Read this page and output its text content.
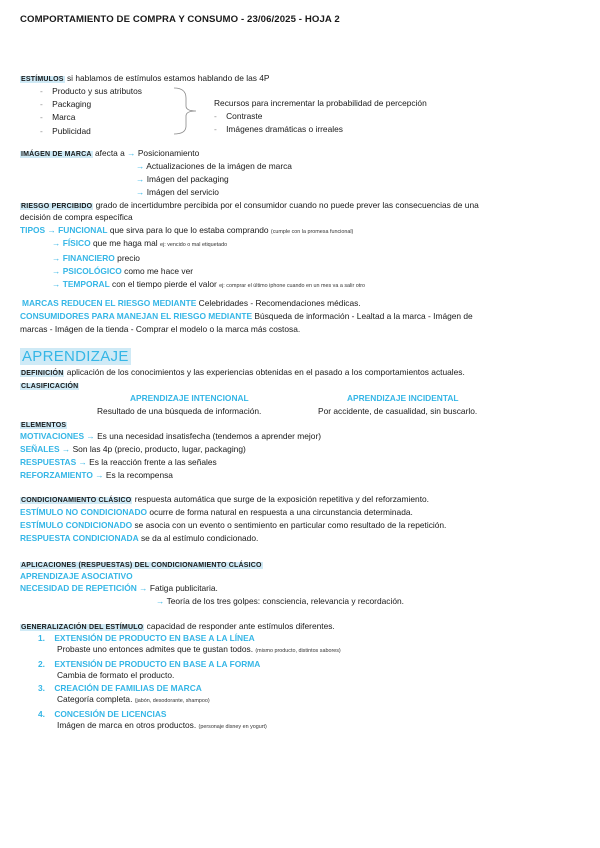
COMPORTAMIENTO DE COMPRA Y CONSUMO - 23/06/2025 - HOJA 2
ESTÍMULOS si hablamos de estímulos estamos hablando de las 4P
- Producto y sus atributos
- Packaging
- Marca
- Publicidad
Recursos para incrementar la probabilidad de percepción
- Contraste
- Imágenes dramáticas o irreales
IMÁGEN DE MARCA afecta a → Posicionamiento
→ Actualizaciones de la imágen de marca
→ Imágen del packaging
→ Imágen del servicio
RIESGO PERCIBIDO grado de incertidumbre percibida por el consumidor cuando no puede prever las consecuencias de una
decisión de compra específica
TIPOS → FUNCIONAL que sirva para lo que lo estaba comprando (cumple con la promesa funcional)
→ FÍSICO que me haga mal ej: vencido o mal etiquetado
→ FINANCIERO precio
→ PSICOLÓGICO como me hace ver
→ TEMPORAL con el tiempo pierde el valor ej: comprar el último iphone cuando en un mes va a salir otro
MARCAS REDUCEN EL RIESGO MEDIANTE Celebridades - Recomendaciones médicas.
CONSUMIDORES PARA MANEJAN EL RIESGO MEDIANTE Búsqueda de información - Lealtad a la marca - Imágen de
marcas - Imágen de la tienda - Comprar el modelo o la marca más costosa.
APRENDIZAJE
DEFINICIÓN aplicación de los conocimientos y las experiencias obtenidas en el pasado a los comportamientos actuales.
CLASIFICACIÓN
APRENDIZAJE INTENCIONAL
Resultado de una búsqueda de información.
APRENDIZAJE INCIDENTAL
Por accidente, de casualidad, sin buscarlo.
ELEMENTOS
MOTIVACIONES → Es una necesidad insatisfecha (tendemos a aprender mejor)
SEÑALES → Son las 4p (precio, producto, lugar, packaging)
RESPUESTAS → Es la reacción frente a las señales
REFORZAMIENTO → Es la recompensa
CONDICIONAMIENTO CLÁSICO respuesta automática que surge de la exposición repetitiva y del reforzamiento.
ESTÍMULO NO CONDICIONADO ocurre de forma natural en respuesta a una circunstancia determinada.
ESTÍMULO CONDICIONADO se asocia con un evento o sentimiento en particular como resultado de la repetición.
RESPUESTA CONDICIONADA se da al estímulo condicionado.
APLICACIONES (RESPUESTAS) DEL CONDICIONAMIENTO CLÁSICO
APRENDIZAJE ASOCIATIVO
NECESIDAD DE REPETICIÓN → Fatiga publicitaria.
→ Teoría de los tres golpes: consciencia, relevancia y recordación.
GENERALIZACIÓN DEL ESTÍMULO capacidad de responder ante estímulos diferentes.
1. EXTENSIÓN DE PRODUCTO EN BASE A LA LÍNEA
Probaste uno entonces admites que te gustan todos. (mismo producto, distintos sabores)
2. EXTENSIÓN DE PRODUCTO EN BASE A LA FORMA
Cambia de formato el producto.
3. CREACIÓN DE FAMILIAS DE MARCA
Categoría completa. (jabón, desodorante, shampoo)
4. CONCESIÓN DE LICENCIAS
Imágen de marca en otros productos. (personaje disney en yogurt)
